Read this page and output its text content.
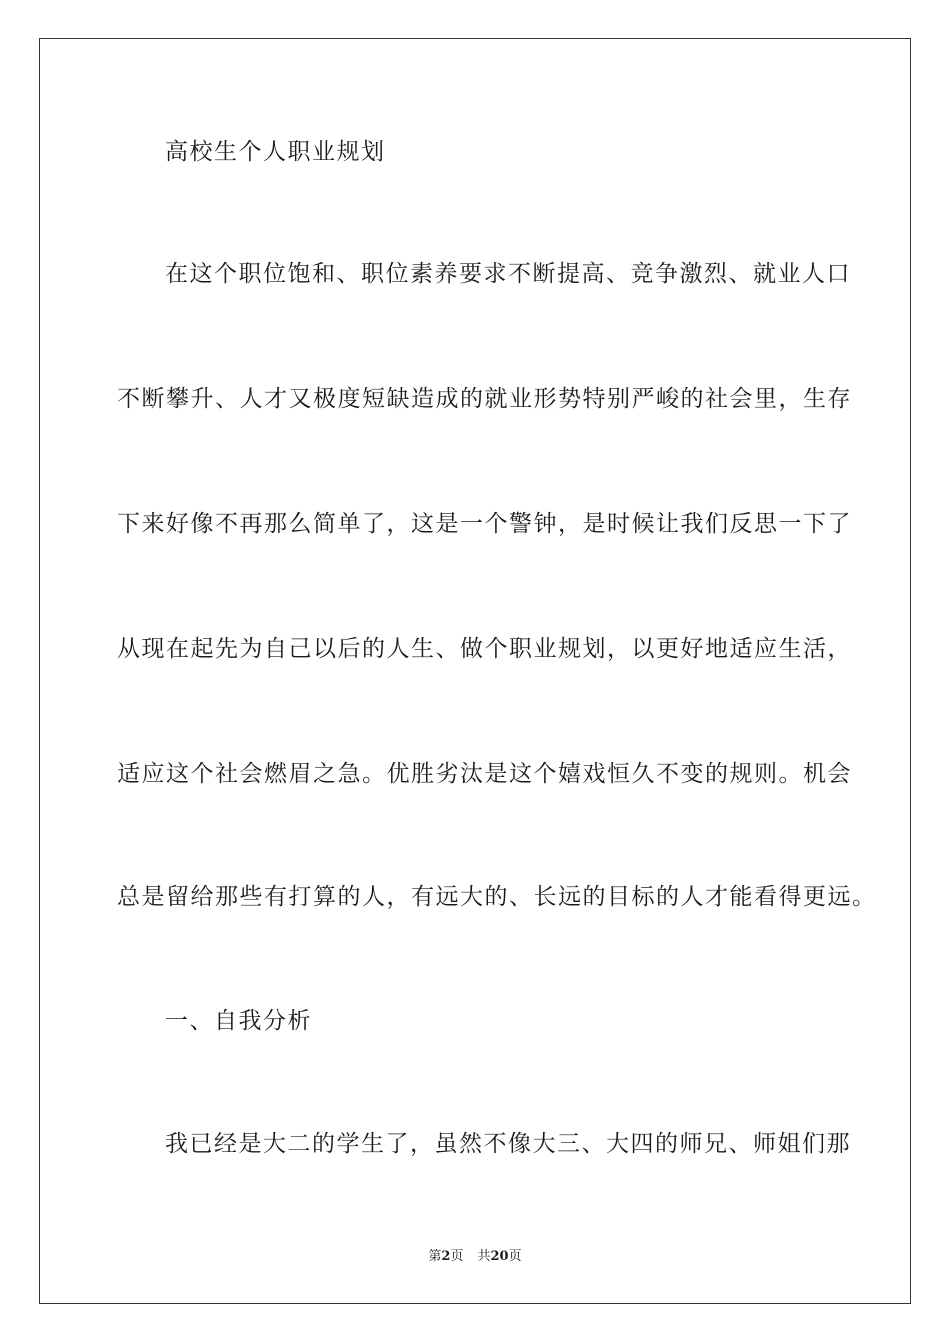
高校生个人职业规划
在这个职位饱和、职位素养要求不断提高、竞争激烈、就业人口
不断攀升、人才又极度短缺造成的就业形势特别严峻的社会里，生存
下来好像不再那么简单了，这是一个警钟，是时候让我们反思一下了
从现在起先为自己以后的人生、做个职业规划，以更好地适应生活，
适应这个社会燃眉之急。优胜劣汰是这个嬉戏恒久不变的规则。机会
总是留给那些有打算的人，有远大的、长远的目标的人才能看得更远。
一、自我分析
我已经是大二的学生了，虽然不像大三、大四的师兄、师姐们那
第2页 共20页
